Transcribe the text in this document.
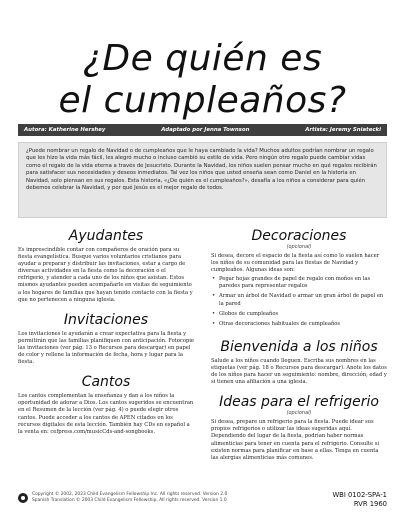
¿De quién es
el cumpleaños?
Autora: Katherine Hershey	Adaptado por Jenna Townson	Artista: Jeremy Sniatecki
¿Puede nombrar un regalo de Navidad o de cumpleaños que le haya cambiado la vida? Muchos adultos podrían nombrar un regalo que les hizo la vida más fácil, les alegró mucho o incluso cambió su estilo de vida. Pero ningún otro regalo puede cambiar vidas como el regalo de la vida eterna a través de Jesucristo. Durante la Navidad, los niños suelen pensar mucho en qué regalos recibirán para satisfacer sus necesidades y deseos inmediatos. Tal vez los niños que usted enseña sean como Daniel en la historia en Navidad, solo piensan en sus regalos. Esta historia, «¿De quién es el cumpleaños?», desafía a los niños a considerar para quién debemos celebrar la Navidad, y por qué Jesús es el mejor regalo de todos.
Ayudantes

Es imprescindible contar con compañeros de oración para su fiesta evangelística. Busque varios voluntarios cristianos para ayudar a preparar y distribuir las invitaciones, estar a cargo de diversas actividades en la fiesta como la decoración o el refrigerio, y atender a cada uno de los niños que asistan. Estos mismos ayudantes pueden acompañarle en visitas de seguimiento a los hogares de familias que hayan tenido contacto con la fiesta y que no pertenecen a ninguna iglesia.

Invitaciones

Los invitaciones le ayudarán a crear expectativa para la fiesta y permitirán que las familias planifiquen con anticipación. Fotocopie las invitaciones (ver pág. 13 o Recursos para descargar) en papel de color y rellene la información de fecha, hora y lugar para la fiesta.

Cantos

Los cantos complementan la enseñanza y dan a los niños la oportunidad de adorar a Dios. Los cantos sugeridos se encuentran en el Resumen de la lección (ver pág. 4) o puede elegir otros cantos. Puede acceder a los cantos de APEN citados en los recursos digitales de esta lección. También hay CDs en español a la venta en: cefpress.com/musicCds-and-songbooks.

Decoraciones
(opcional)

Si desea, decore el espacio de la fiesta así como lo suelen hacer los niños de su comunidad para las fiestas de Navidad y cumpleaños. Algunas ideas son:

• Pegar hojas grandes de papel de regalo con moños en las paredes para representar regalos
• Armar un árbol de Navidad o armar un gran árbol de papel en la pared
• Globos de cumpleaños
• Otras decoraciones habituales de cumpleaños
Bienvenida a los niños

Salude a los niños cuando lleguen. Escriba sus nombres en las etiquetas (ver pág. 18 o Recursos para descargar). Anote los datos de los niños para hacer un seguimiento: nombre, dirección, edad y si tienen una afiliación a una iglesia.

Ideas para el refrigerio
(opcional)

Si desea, prepare un refrigerio para la fiesta. Puede idear sus propios refrigerios o utilizar las ideas sugeridas aquí. Dependiendo del lugar de la fiesta, podrían haber normas alimenticias para tener en cuenta para el refrigerio. Consulte si existen normas para planificar en base a ellas. Tenga en cuenta las alergias alimenticias más comunes.

Copyright © 2002, 2023 Child Evangelism Fellowship Inc. All rights reserved. Version 2.0
Spanish Translation © 2003 Child Evangelism Fellowship. All rights reserved. Version 1.0
WBI 0102-SPA-1
RVR 1960
